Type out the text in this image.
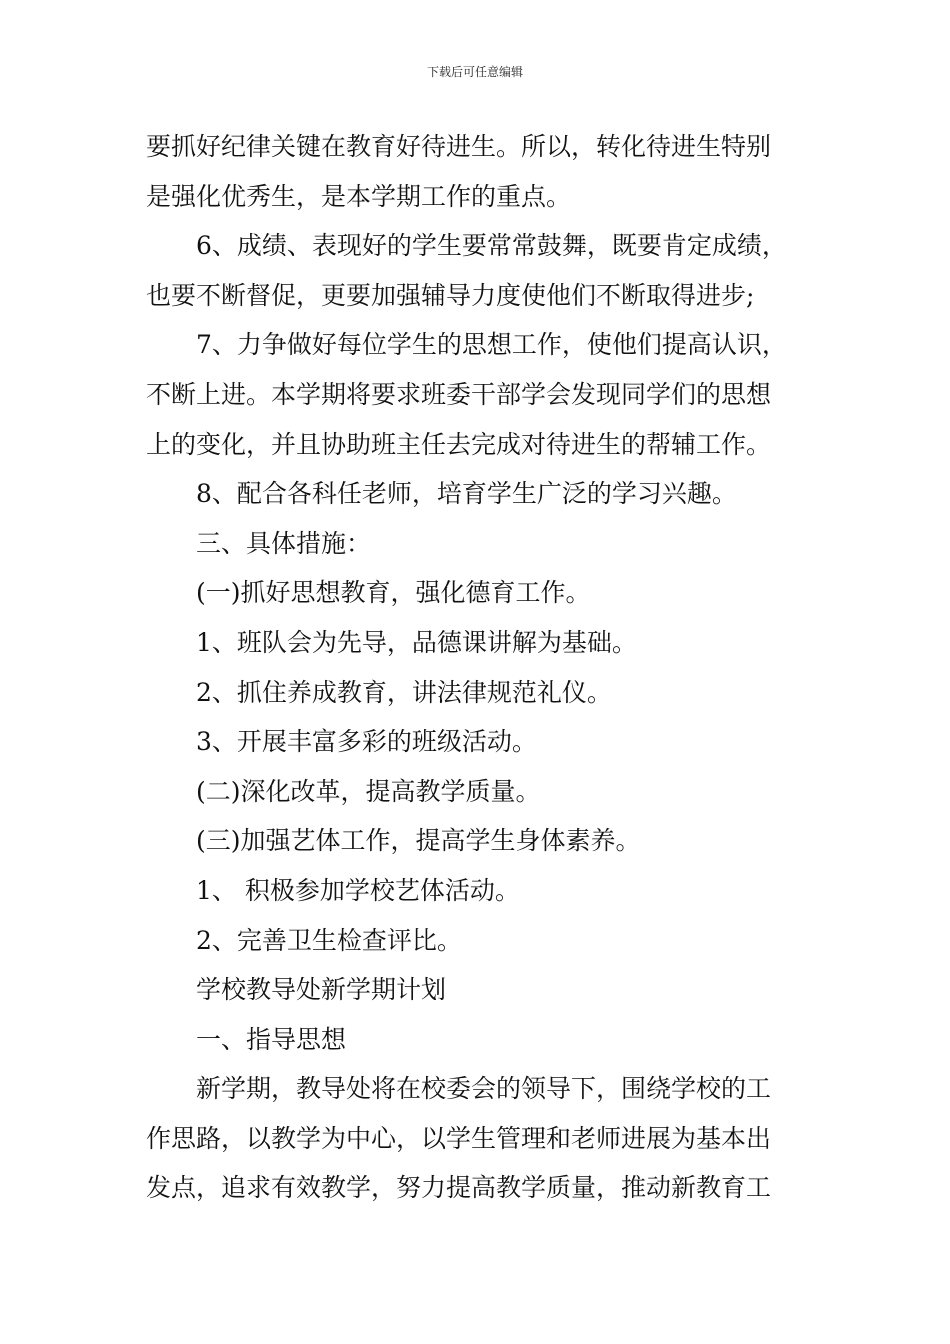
下载后可任意编辑
要抓好纪律关键在教育好待进生。所以，转化待进生特别
是强化优秀生，是本学期工作的重点。
6、成绩、表现好的学生要常常鼓舞，既要肯定成绩，
也要不断督促，更要加强辅导力度使他们不断取得进步;
7、力争做好每位学生的思想工作，使他们提高认识，
不断上进。本学期将要求班委干部学会发现同学们的思想
上的变化，并且协助班主任去完成对待进生的帮辅工作。
8、配合各科任老师，培育学生广泛的学习兴趣。
三、具体措施：
(一)抓好思想教育，强化德育工作。
1、班队会为先导，品德课讲解为基础。
2、抓住养成教育，讲法律规范礼仪。
3、开展丰富多彩的班级活动。
(二)深化改革，提高教学质量。
(三)加强艺体工作，提高学生身体素养。
1、 积极参加学校艺体活动。
2、完善卫生检查评比。
学校教导处新学期计划
一、指导思想
新学期，教导处将在校委会的领导下，围绕学校的工
作思路，以教学为中心，以学生管理和老师进展为基本出
发点，追求有效教学，努力提高教学质量，推动新教育工
